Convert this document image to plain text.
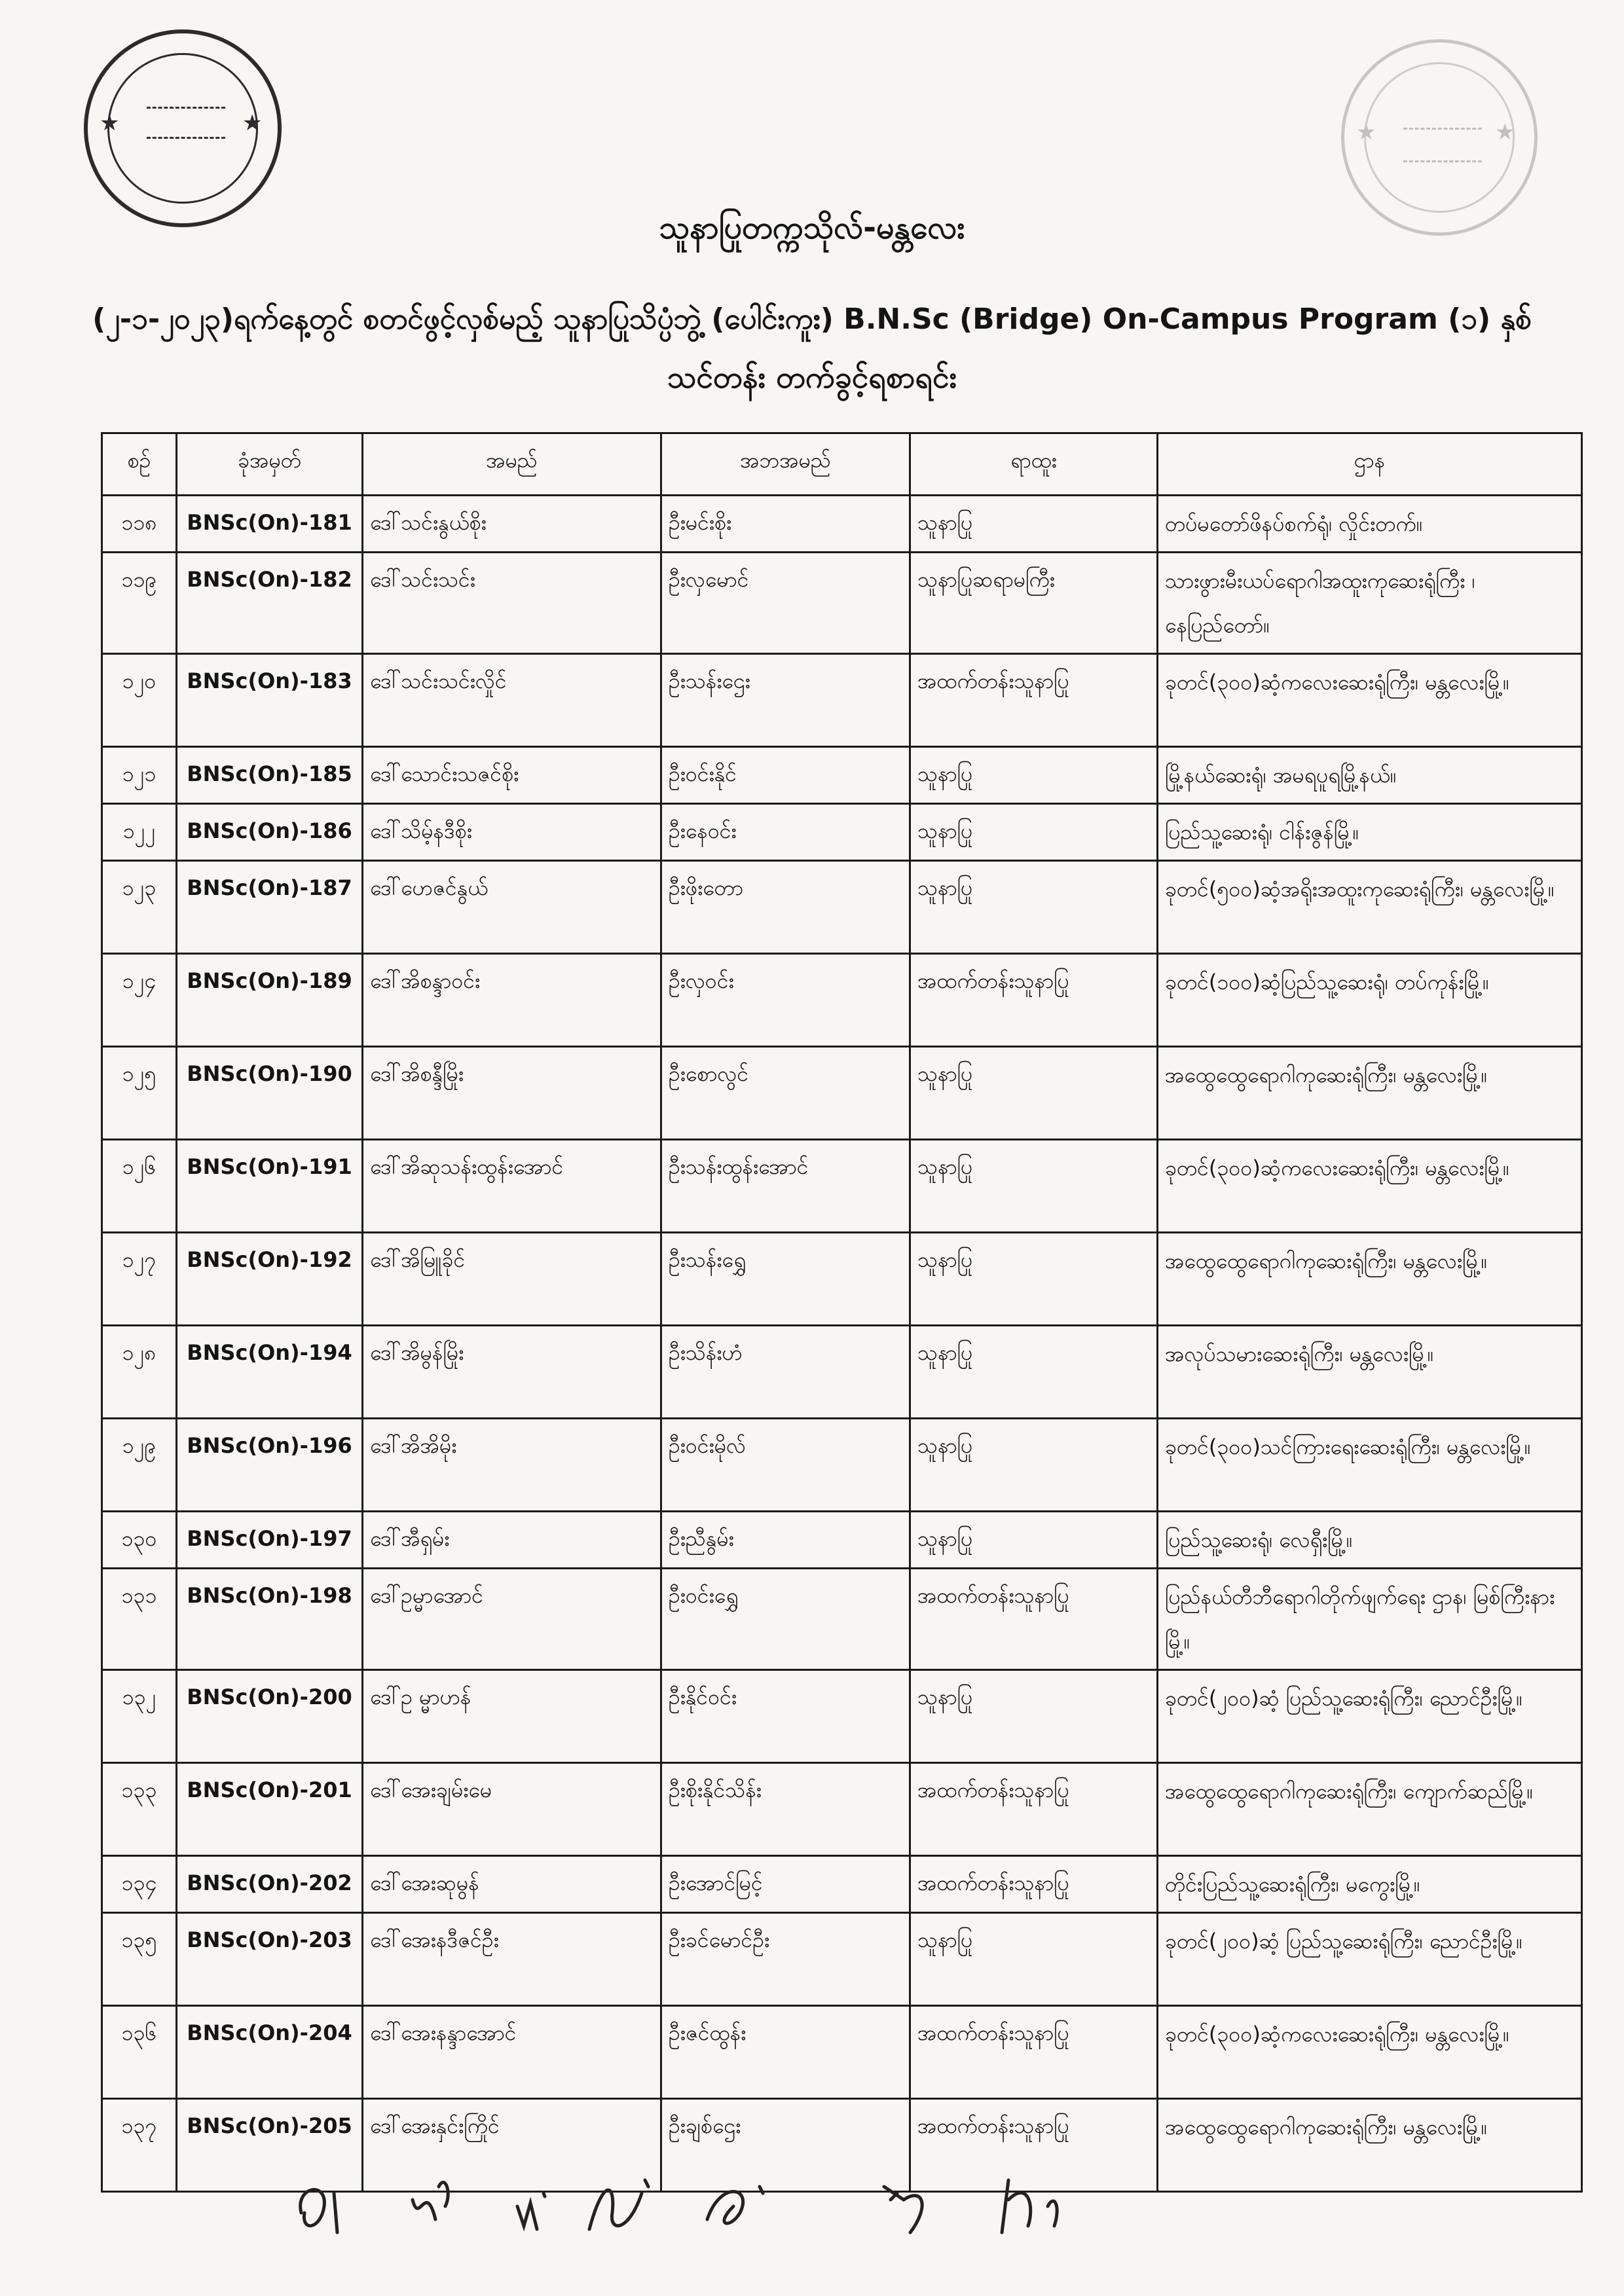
★	★	★	★
သူနာပြုတက္ကသိုလ်-မန္တလေး
(၂-၁-၂၀၂၃)ရက်နေ့တွင် စတင်ဖွင့်လှစ်မည့် သူနာပြုသိပ္ပံဘွဲ့ (ပေါင်းကူး) B.N.Sc (Bridge) On-Campus Program (၁) နှစ်
သင်တန်း တက်ခွင့်ရစာရင်း
စဉ်	ခုံအမှတ်	အမည်	အဘအမည်	ရာထူး	ဌာန
၁၁၈	BNSc(On)-181	ဒေါ်သင်းနွယ်စိုး	ဦးမင်းစိုး	သူနာပြု	တပ်မတော်ဖိနပ်စက်ရုံ၊ လှိုင်းတက်။
၁၁၉	BNSc(On)-182	ဒေါ်သင်းသင်း	ဦးလှမောင်	သူနာပြုဆရာမကြီး	သားဖွားမီးယပ်ရောဂါအထူးကုဆေးရုံကြီး ၊ နေပြည်တော်။
၁၂၀	BNSc(On)-183	ဒေါ်သင်းသင်းလှိုင်	ဦးသန်းဌေး	အထက်တန်းသူနာပြု	ခုတင်(၃၀၀)ဆံ့ကလေးဆေးရုံကြီး၊ မန္တလေးမြို့။
၁၂၁	BNSc(On)-185	ဒေါ်သောင်းသဇင်စိုး	ဦးဝင်းနိုင်	သူနာပြု	မြို့နယ်ဆေးရုံ၊ အမရပူရမြို့နယ်။
၁၂၂	BNSc(On)-186	ဒေါ်သိမ့်နဒီစိုး	ဦးနေဝင်း	သူနာပြု	ပြည်သူ့ဆေးရုံ၊ ငါန်းဇွန်မြို့။
၁၂၃	BNSc(On)-187	ဒေါ်ဟေဇင်နွယ်	ဦးဖိုးတော	သူနာပြု	ခုတင်(၅၀၀)ဆံ့အရိုးအထူးကုဆေးရုံကြီး၊ မန္တလေးမြို့။
၁၂၄	BNSc(On)-189	ဒေါ်အိစန္ဒာဝင်း	ဦးလှဝင်း	အထက်တန်းသူနာပြု	ခုတင်(၁၀၀)ဆံ့ပြည်သူ့ဆေးရုံ၊ တပ်ကုန်းမြို့။
၁၂၅	BNSc(On)-190	ဒေါ်အိစန္ဒီမြိုး	ဦးစောလွင်	သူနာပြု	အထွေထွေရောဂါကုဆေးရုံကြီး၊ မန္တလေးမြို့။
၁၂၆	BNSc(On)-191	ဒေါ်အိဆုသန်းထွန်းအောင်	ဦးသန်းထွန်းအောင်	သူနာပြု	ခုတင်(၃၀၀)ဆံ့ကလေးဆေးရုံကြီး၊ မန္တလေးမြို့။
၁၂၇	BNSc(On)-192	ဒေါ်အိမြူခိုင်	ဦးသန်းရွှေ	သူနာပြု	အထွေထွေရောဂါကုဆေးရုံကြီး၊ မန္တလေးမြို့။
၁၂၈	BNSc(On)-194	ဒေါ်အိမွန်မြိုး	ဦးသိန်းဟံ	သူနာပြု	အလုပ်သမားဆေးရုံကြီး၊ မန္တလေးမြို့။
၁၂၉	BNSc(On)-196	ဒေါ်အိအိမိုး	ဦးဝင်းမိုလ်	သူနာပြု	ခုတင်(၃၀၀)သင်ကြားရေးဆေးရုံကြီး၊ မန္တလေးမြို့။
၁၃၀	BNSc(On)-197	ဒေါ်အီရှမ်း	ဦးညီနွမ်း	သူနာပြု	ပြည်သူ့ဆေးရုံ၊ လေရှီးမြို့။
၁၃၁	BNSc(On)-198	ဒေါ်ဥမ္မာအောင်	ဦးဝင်းရွှေ	အထက်တန်းသူနာပြု	ပြည်နယ်တီဘီရောဂါတိုက်ဖျက်ရေး ဌာန၊ မြစ်ကြီးနားမြို့။
၁၃၂	BNSc(On)-200	ဒေါ်ဥ မ္မာဟန်	ဦးနိုင်ဝင်း	သူနာပြု	ခုတင်(၂၀၀)ဆံ့ ပြည်သူ့ဆေးရုံကြီး၊ ညောင်ဦးမြို့။
၁၃၃	BNSc(On)-201	ဒေါ်အေးချမ်းမေ	ဦးစိုးနိုင်သိန်း	အထက်တန်းသူနာပြု	အထွေထွေရောဂါကုဆေးရုံကြီး၊ ကျောက်ဆည်မြို့။
၁၃၄	BNSc(On)-202	ဒေါ်အေးဆုမွန်	ဦးအောင်မြင့်	အထက်တန်းသူနာပြု	တိုင်းပြည်သူ့ဆေးရုံကြီး၊ မကွေးမြို့။
၁၃၅	BNSc(On)-203	ဒေါ်အေးနဒီဇင်ဦး	ဦးခင်မောင်ဦး	သူနာပြု	ခုတင်(၂၀၀)ဆံ့ ပြည်သူ့ဆေးရုံကြီး၊ ညောင်ဦးမြို့။
၁၃၆	BNSc(On)-204	ဒေါ်အေးနန္ဒာအောင်	ဦးဇင်ထွန်း	အထက်တန်းသူနာပြု	ခုတင်(၃၀၀)ဆံ့ကလေးဆေးရုံကြီး၊ မန္တလေးမြို့။
၁၃၇	BNSc(On)-205	ဒေါ်အေးနှင်းကြိုင်	ဦးချစ်ဌေး	အထက်တန်းသူနာပြု	အထွေထွေရောဂါကုဆေးရုံကြီး၊ မန္တလေးမြို့။
